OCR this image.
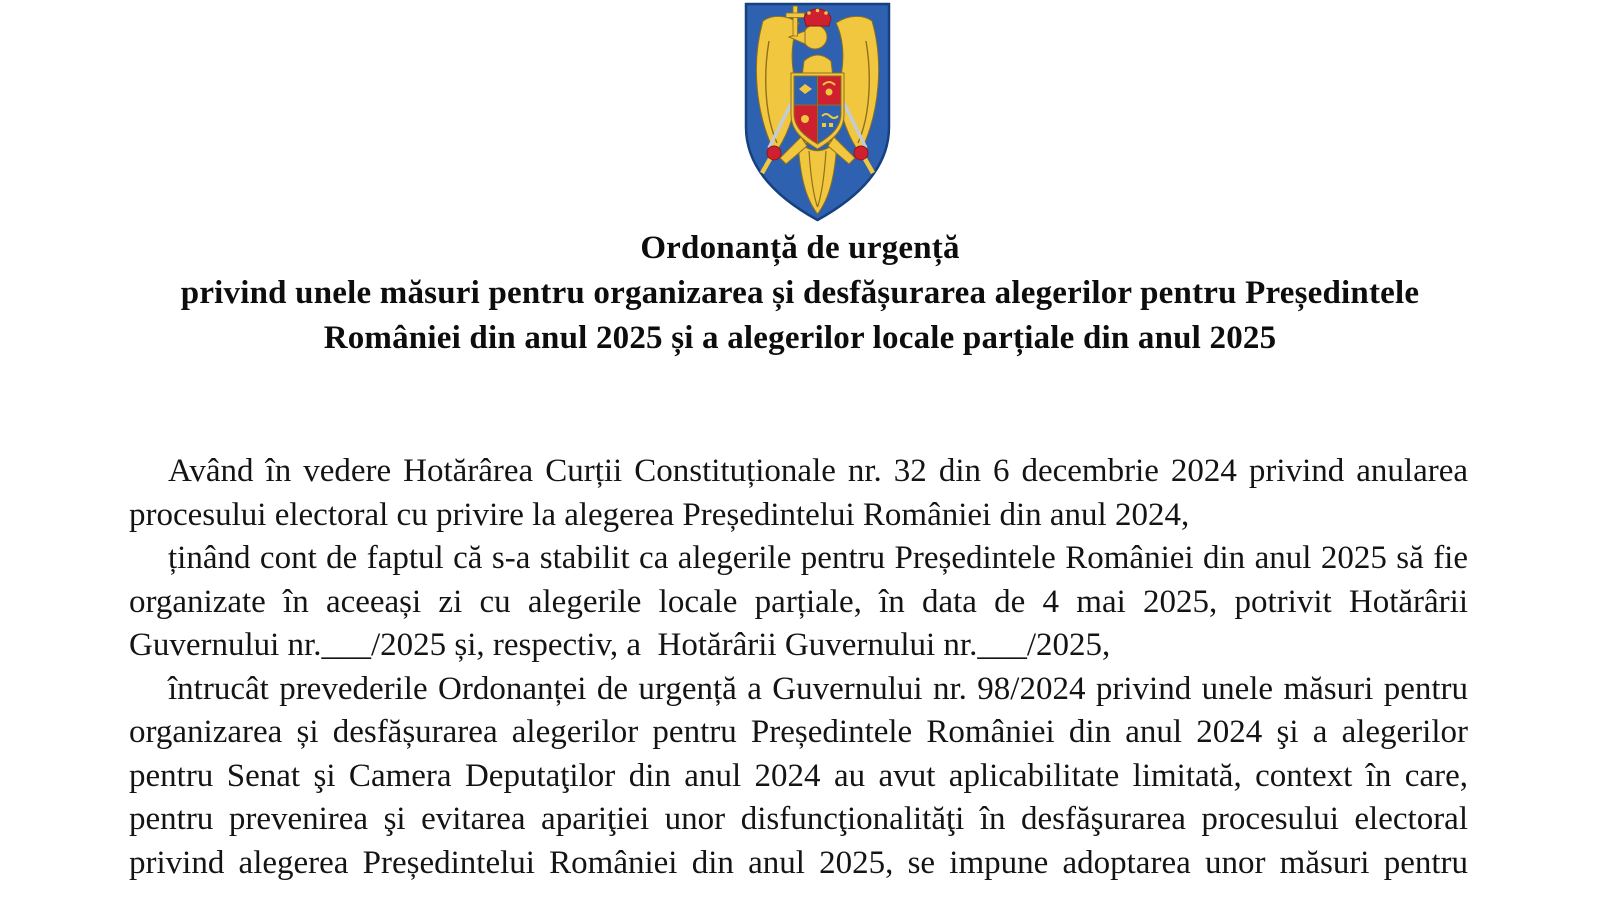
Ordonanță de urgență
privind unele măsuri pentru organizarea și desfășurarea alegerilor pentru Președintele
României din anul 2025 și a alegerilor locale parțiale din anul 2025
Având în vedere Hotărârea Curții Constituționale nr. 32 din 6 decembrie 2024 privind anularea
procesului electoral cu privire la alegerea Președintelui României din anul 2024,
ținând cont de faptul că s-a stabilit ca alegerile pentru Președintele României din anul 2025 să fie
organizate în aceeași zi cu alegerile locale parțiale, în data de 4 mai 2025, potrivit Hotărârii
Guvernului nr.___/2025 și, respectiv, a  Hotărârii Guvernului nr.___/2025,
întrucât prevederile Ordonanței de urgență a Guvernului nr. 98/2024 privind unele măsuri pentru
organizarea și desfășurarea alegerilor pentru Președintele României din anul 2024 şi a alegerilor
pentru Senat şi Camera Deputaţilor din anul 2024 au avut aplicabilitate limitată, context în care,
pentru prevenirea şi evitarea apariţiei unor disfuncţionalităţi în desfăşurarea procesului electoral
privind alegerea Președintelui României din anul 2025, se impune adoptarea unor măsuri pentru
